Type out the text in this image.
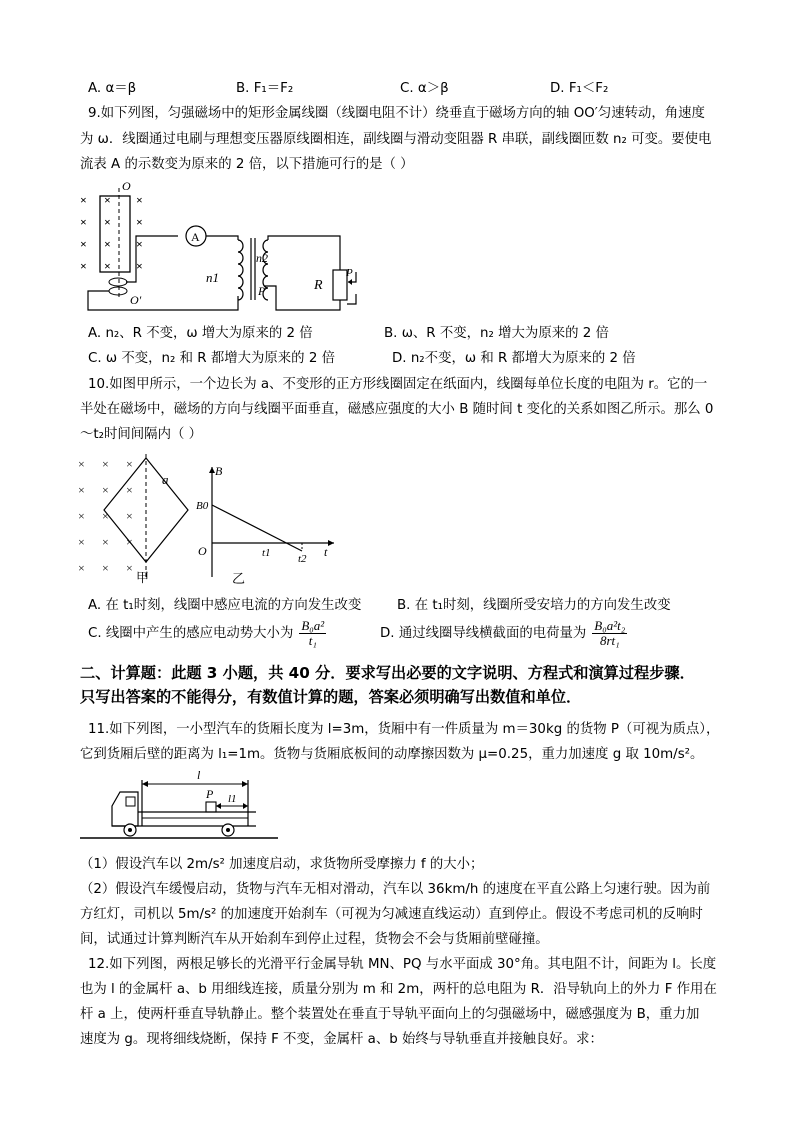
A. α＝β	B. F₁＝F₂	C. α＞β	D. F₁＜F₂
9.如下列图，匀强磁场中的矩形金属线圈（线圈电阻不计）绕垂直于磁场方向的轴 OO′匀速转动，角速度
为 ω．线圈通过电刷与理想变压器原线圈相连，副线圈与滑动变阻器 R 串联，副线圈匝数 n₂ 可变。要使电
流表 A 的示数变为原来的 2 倍，以下措施可行的是（ ）
×
×
×
×
×
×
×
×
×
×
×
×
O
O′
A
n1
n2
P	R
P
A. n₂、R 不变，ω 增大为原来的 2 倍	B. ω、R 不变，n₂ 增大为原来的 2 倍
C. ω 不变，n₂ 和 R 都增大为原来的 2 倍	D. n₂不变，ω 和 R 都增大为原来的 2 倍
10.如图甲所示，一个边长为 a、不变形的正方形线圈固定在纸面内，线圈每单位长度的电阻为 r。它的一
半处在磁场中，磁场的方向与线圈平面垂直，磁感应强度的大小 B 随时间 t 变化的关系如图乙所示。那么 0
～t₂时间间隔内（ ）
× × ×
× × ×
× × ×
× × ×
× × ×
a
甲
B
t
O
B0
t1 t2
乙
A. 在 t₁时刻，线圈中感应电流的方向发生改变	B. 在 t₁时刻，线圈所受安培力的方向发生改变
C. 线圈中产生的感应电动势大小为 $\frac{\text{B₀a²}}{\text{t₁}}$	D. 通过线圈导线横截面的电荷量为 $\frac{\text{B₀a²t₂}}{\text{8rt₁}}$
二、计算题：此题 3 小题，共 40 分．要求写出必要的文字说明、方程式和演算过程步骤．
只写出答案的不能得分，有数值计算的题，答案必须明确写出数值和单位．
11.如下列图，一小型汽车的货厢长度为 l=3m，货厢中有一件质量为 m＝30kg 的货物 P（可视为质点），
它到货厢后壁的距离为 l₁=1m。货物与货厢底板间的动摩擦因数为 μ=0.25，重力加速度 g 取 10m/s²。
P
l
l1
（1）假设汽车以 2m/s² 加速度启动，求货物所受摩擦力 f 的大小；
（2）假设汽车缓慢启动，货物与汽车无相对滑动，汽车以 36km/h 的速度在平直公路上匀速行驶。因为前
方红灯，司机以 5m/s² 的加速度开始刹车（可视为匀减速直线运动）直到停止。假设不考虑司机的反响时
间，试通过计算判断汽车从开始刹车到停止过程，货物会不会与货厢前壁碰撞。
12.如下列图，两根足够长的光滑平行金属导轨 MN、PQ 与水平面成 30°角。其电阻不计，间距为 l。长度
也为 l 的金属杆 a、b 用细线连接，质量分别为 m 和 2m，两杆的总电阻为 R．沿导轨向上的外力 F 作用在
杆 a 上，使两杆垂直导轨静止。整个装置处在垂直于导轨平面向上的匀强磁场中，磁感强度为 B，重力加
速度为 g。现将细线烧断，保持 F 不变，金属杆 a、b 始终与导轨垂直并接触良好。求：
